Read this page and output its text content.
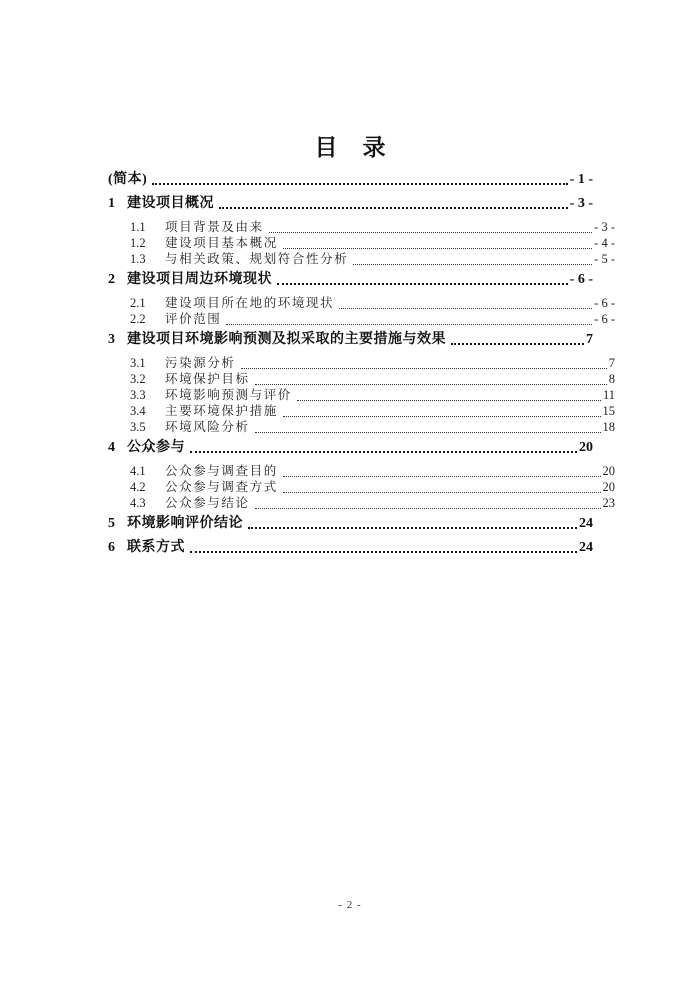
目　录
(简本)	- 1 -
1 建设项目概况	- 3 -
1.1	项目背景及由来	- 3 -
1.2	建设项目基本概况	- 4 -
1.3	与相关政策、规划符合性分析	- 5 -
2 建设项目周边环境现状	- 6 -
2.1	建设项目所在地的环境现状	- 6 -
2.2	评价范围	- 6 -
3 建设项目环境影响预测及拟采取的主要措施与效果	7
3.1	污染源分析	7
3.2	环境保护目标	8
3.3	环境影响预测与评价	11
3.4	主要环境保护措施	15
3.5	环境风险分析	18
4 公众参与	20
4.1	公众参与调查目的	20
4.2	公众参与调查方式	20
4.3	公众参与结论	23
5 环境影响评价结论	24
6 联系方式	24
- 2 -
